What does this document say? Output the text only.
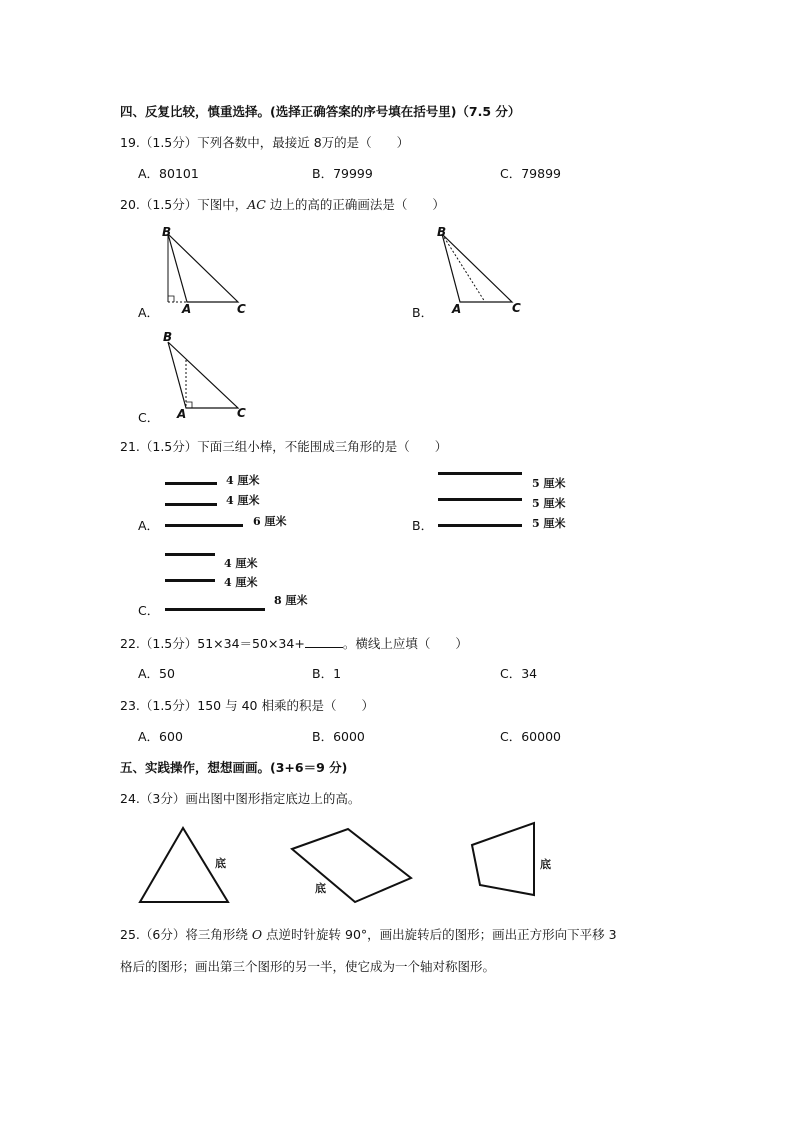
四、反复比较，慎重选择。(选择正确答案的序号填在括号里)（7.5 分）
19.（1.5分）下列各数中，最接近 8万的是（　　）
A．80101	B．79999	C．79899
20.（1.5分）下图中，AC 边上的高的正确画法是（　　）
A．
B
A	C	B．
B
A	C
C．
B
A	C
21.（1.5分）下面三组小棒，不能围成三角形的是（　　）
A．
4 厘米
4 厘米
6 厘米	B．
5 厘米
5 厘米
5 厘米
C．
4 厘米
4 厘米
8 厘米
22.（1.5分）51×34＝50×34+	。横线上应填（　　）
A．50	B．1	C．34
23.（1.5分）150 与 40 相乘的积是（　　）
A．600	B．6000	C．60000
五、实践操作，想想画画。(3+6＝9 分)
24.（3分）画出图中图形指定底边上的高。
底
底
底
25.（6分）将三角形绕 O 点逆时针旋转 90°，画出旋转后的图形；画出正方形向下平移 3
格后的图形；画出第三个图形的另一半，使它成为一个轴对称图形。
